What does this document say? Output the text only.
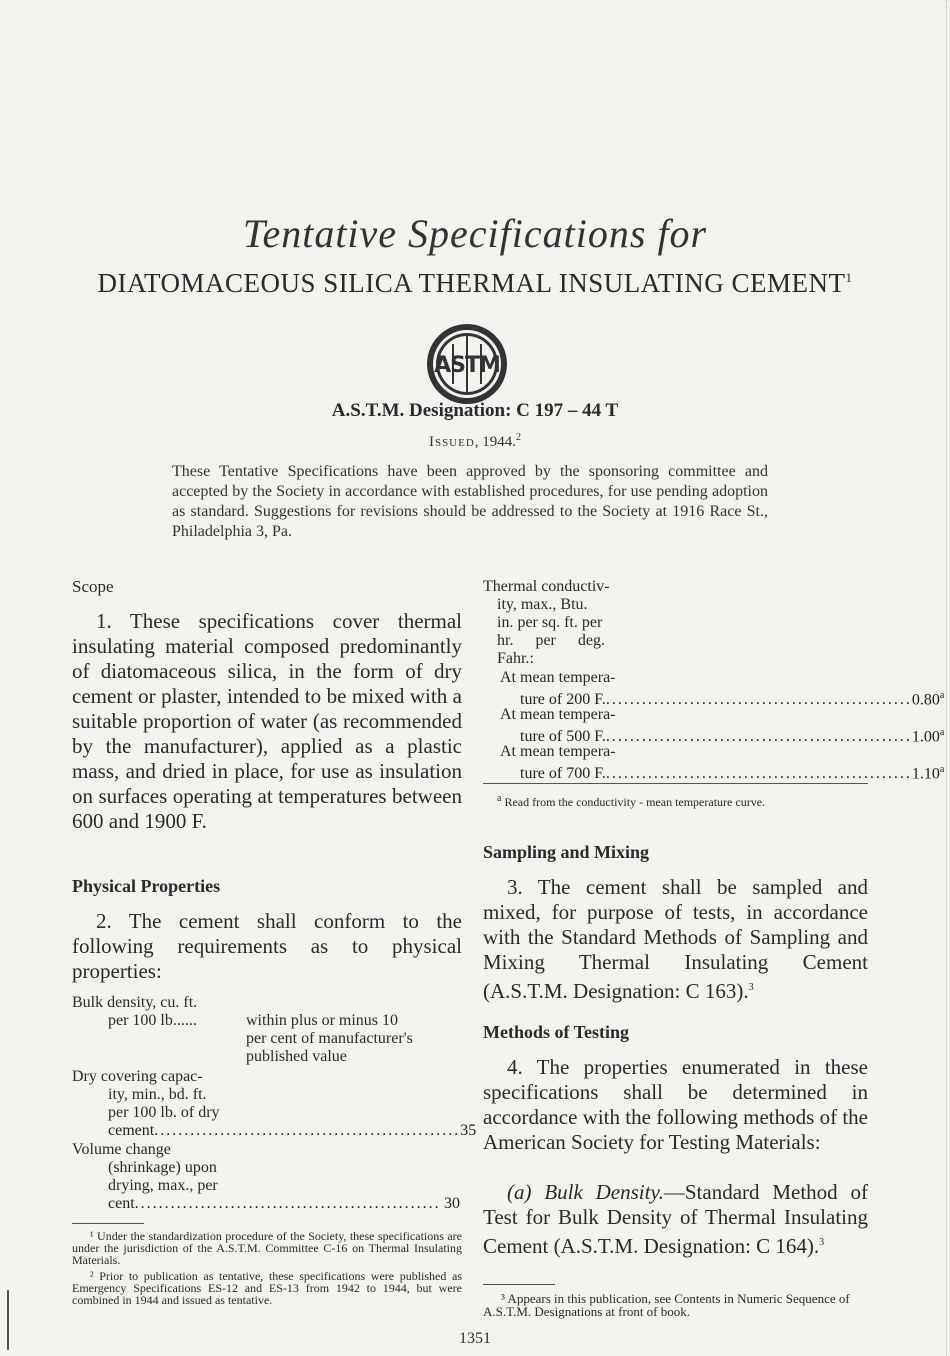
Tentative Specifications for
DIATOMACEOUS SILICA THERMAL INSULATING CEMENT$^1$
ASTM
A.S.T.M. Designation: C 197 – 44 T
Issued, 1944.$^2$
These Tentative Specifications have been approved by the sponsoring committee and accepted by the Society in accordance with established procedures, for use pending adoption as standard. Suggestions for revisions should be addressed to the Society at 1916 Race St., Philadelphia 3, Pa.
Scope
1. These specifications cover thermal insulating material composed predominantly of diatomaceous silica, in the form of dry cement or plaster, intended to be mixed with a suitable proportion of water (as recommended by the manufacturer), applied as a plastic mass, and dried in place, for use as insulation on surfaces operating at temperatures between 600 and 1900 F.
Physical Properties
2. The cement shall conform to the following requirements as to physical properties:
Bulk density, cu. ft.
per 100 lb......	within plus or minus 10
per cent of manufacturer's
published value
Dry covering capac-
ity, min., bd. ft.
per 100 lb. of dry
cement ................................................... 35
Volume change
(shrinkage) upon
drying, max., per
cent ................................................... 30
¹ Under the standardization procedure of the Society, these specifications are under the jurisdiction of the A.S.T.M. Committee C-16 on Thermal Insulating Materials.
² Prior to publication as tentative, these specifications were published as Emergency Specifications ES-12 and ES-13 from 1942 to 1944, but were combined in 1944 and issued as tentative.
Thermal conductiv-
ity, max., Btu.
in. per sq. ft. per
hr. per deg.
Fahr.:
At mean tempera-
ture of 200 F. ................................................... 0.80$^a$
At mean tempera-
ture of 500 F. ................................................... 1.00$^a$
At mean tempera-
ture of 700 F. ................................................... 1.10$^a$
$^a$ Read from the conductivity - mean temperature curve.
Sampling and Mixing
3. The cement shall be sampled and mixed, for purpose of tests, in accordance with the Standard Methods of Sampling and Mixing Thermal Insulating Cement (A.S.T.M. Designation: C 163).$^3$
Methods of Testing
4. The properties enumerated in these specifications shall be determined in accordance with the following methods of the American Society for Testing Materials:
(a) Bulk Density.—Standard Method of Test for Bulk Density of Thermal Insulating Cement (A.S.T.M. Designation: C 164).$^3$
³ Appears in this publication, see Contents in Numeric Sequence of A.S.T.M. Designations at front of book.
1351
